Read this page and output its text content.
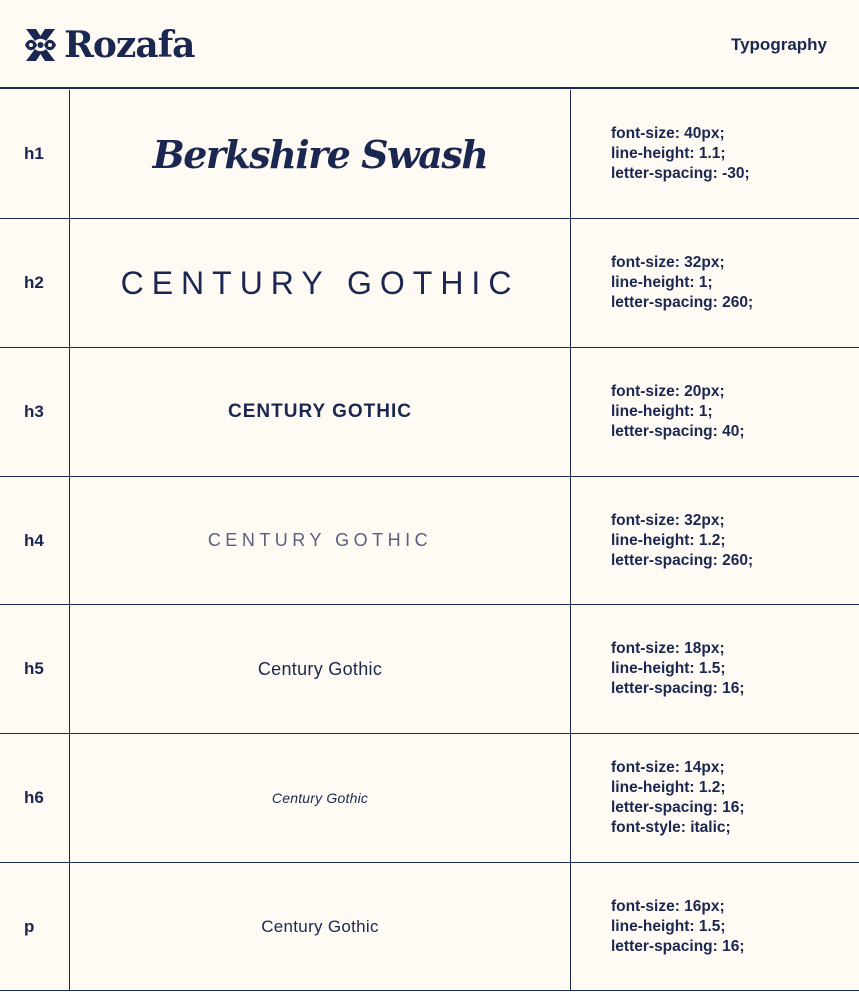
Rozafa	Typography
h1	Berkshire Swash	font-size: 40px;
line-height: 1.1;
letter-spacing: -30;
h2	CENTURY GOTHIC
font-size: 32px;
line-height: 1;
letter-spacing: 260;
h3	CENTURY GOTHIC
font-size: 20px;
line-height: 1;
letter-spacing: 40;
h4	CENTURY GOTHIC
font-size: 32px;
line-height: 1.2;
letter-spacing: 260;
h5	Century Gothic
font-size: 18px;
line-height: 1.5;
letter-spacing: 16;
h6	Century Gothic
font-size: 14px;
line-height: 1.2;
letter-spacing: 16;
font-style: italic;
p	Century Gothic
font-size: 16px;
line-height: 1.5;
letter-spacing: 16;
